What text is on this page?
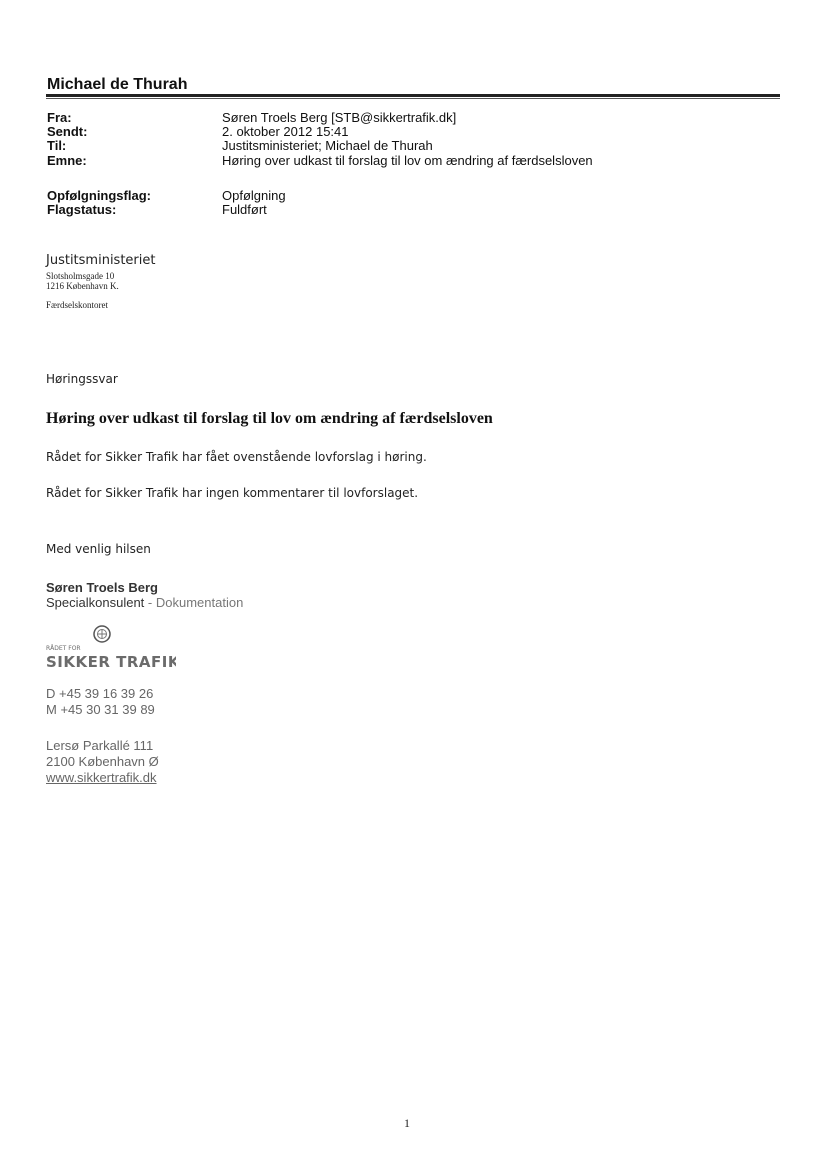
Michael de Thurah
Fra:	Søren Troels Berg [STB@sikkertrafik.dk]
Sendt:	2. oktober 2012 15:41
Til:	Justitsministeriet; Michael de Thurah
Emne:	Høring over udkast til forslag til lov om ændring af færdselsloven
Opfølgningsflag:	Opfølgning
Flagstatus:	Fuldført
Justitsministeriet
Slotsholmsgade 10
1216 København K.
Færdselskontoret
Høringssvar
Høring over udkast til forslag til lov om ændring af færdselsloven
Rådet for Sikker Trafik har fået ovenstående lovforslag i høring.
Rådet for Sikker Trafik har ingen kommentarer til lovforslaget.
Med venlig hilsen
Søren Troels Berg
Specialkonsulent - Dokumentation
RÅDET FOR
SIKKER TRAFIK
D +45 39 16 39 26
M +45 30 31 39 89
Lersø Parkallé 111
2100 København Ø
www.sikkertrafik.dk
1
